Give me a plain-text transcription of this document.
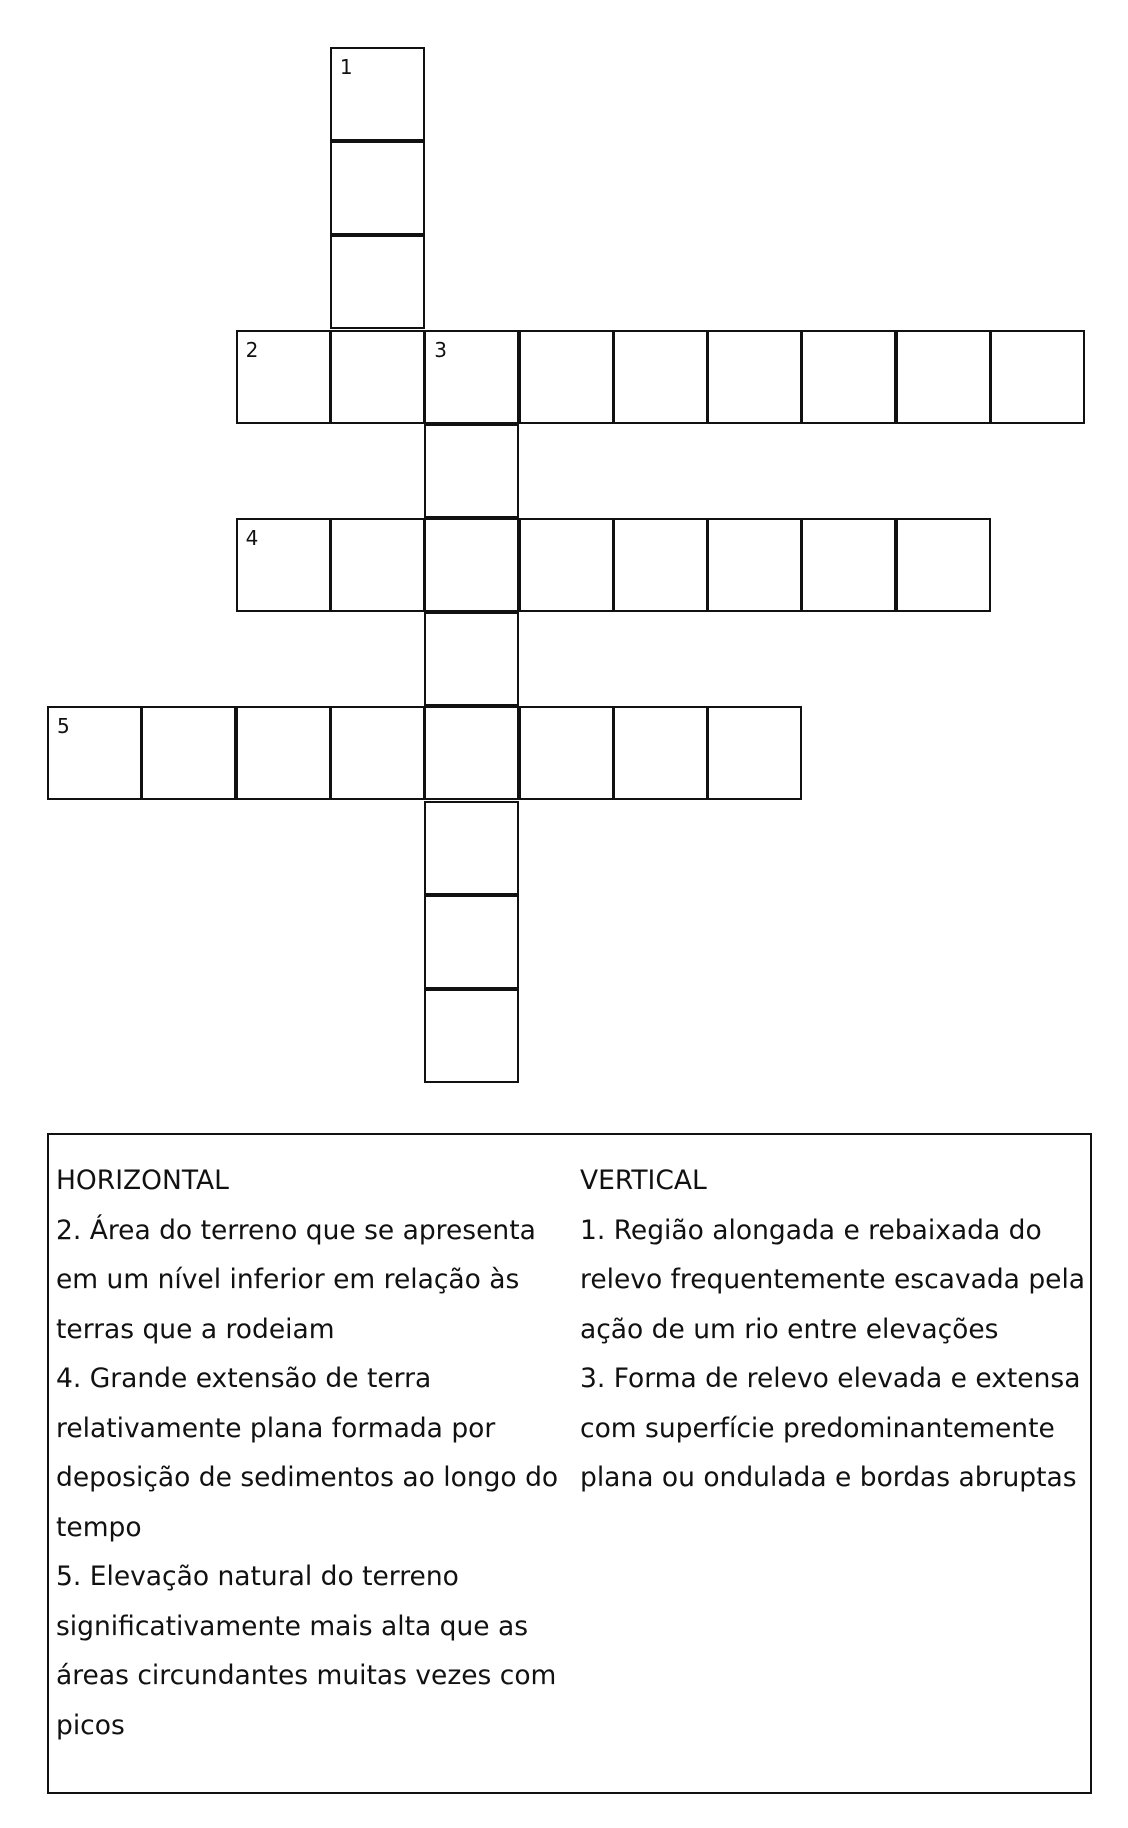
1
2	3
4
5
HORIZONTAL
2. Área do terreno que se apresenta em um nível inferior em relação às terras que a rodeiam
4. Grande extensão de terra relativamente plana formada por deposição de sedimentos ao longo do tempo
5. Elevação natural do terreno significativamente mais alta que as áreas circundantes muitas vezes com picos
VERTICAL
1. Região alongada e rebaixada do relevo frequentemente escavada pela ação de um rio entre elevações
3. Forma de relevo elevada e extensa com superfície predominantemente plana ou ondulada e bordas abruptas
